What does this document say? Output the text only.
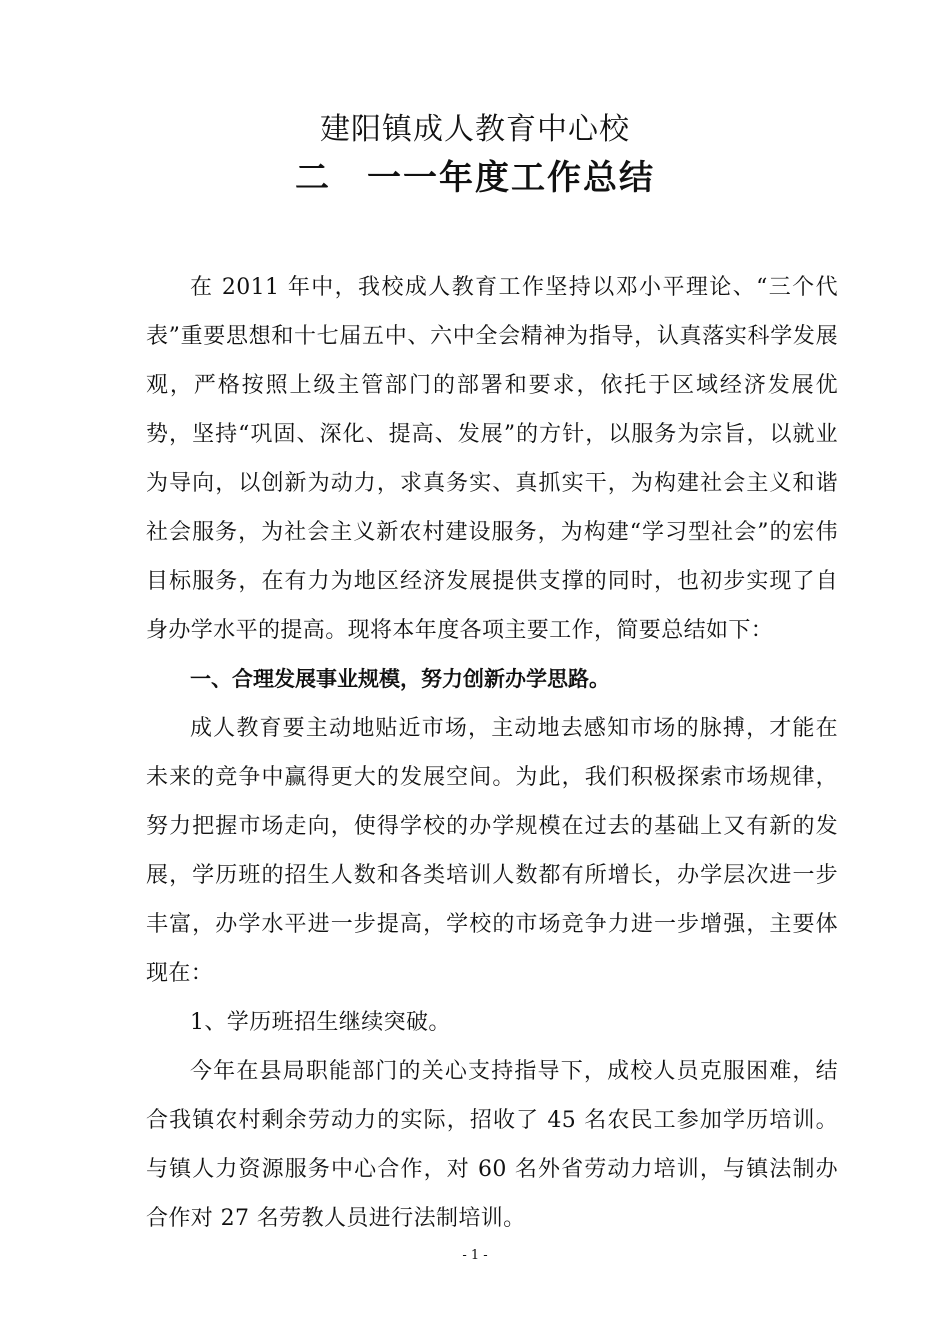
建阳镇成人教育中心校
二　一一年度工作总结

在 2011 年中，我校成人教育工作坚持以邓小平理论、“三个代表”重要思想和十七届五中、六中全会精神为指导，认真落实科学发展观，严格按照上级主管部门的部署和要求，依托于区域经济发展优势，坚持“巩固、深化、提高、发展”的方针，以服务为宗旨，以就业为导向，以创新为动力，求真务实、真抓实干，为构建社会主义和谐社会服务，为社会主义新农村建设服务，为构建“学习型社会”的宏伟目标服务，在有力为地区经济发展提供支撑的同时，也初步实现了自身办学水平的提高。现将本年度各项主要工作，简要总结如下：

一、合理发展事业规模，努力创新办学思路。

成人教育要主动地贴近市场，主动地去感知市场的脉搏，才能在未来的竞争中赢得更大的发展空间。为此，我们积极探索市场规律，努力把握市场走向，使得学校的办学规模在过去的基础上又有新的发展，学历班的招生人数和各类培训人数都有所增长，办学层次进一步丰富，办学水平进一步提高，学校的市场竞争力进一步增强，主要体现在：

1、学历班招生继续突破。

今年在县局职能部门的关心支持指导下，成校人员克服困难，结合我镇农村剩余劳动力的实际，招收了 45 名农民工参加学历培训。与镇人力资源服务中心合作，对 60 名外省劳动力培训，与镇法制办合作对 27 名劳教人员进行法制培训。

- 1 -
